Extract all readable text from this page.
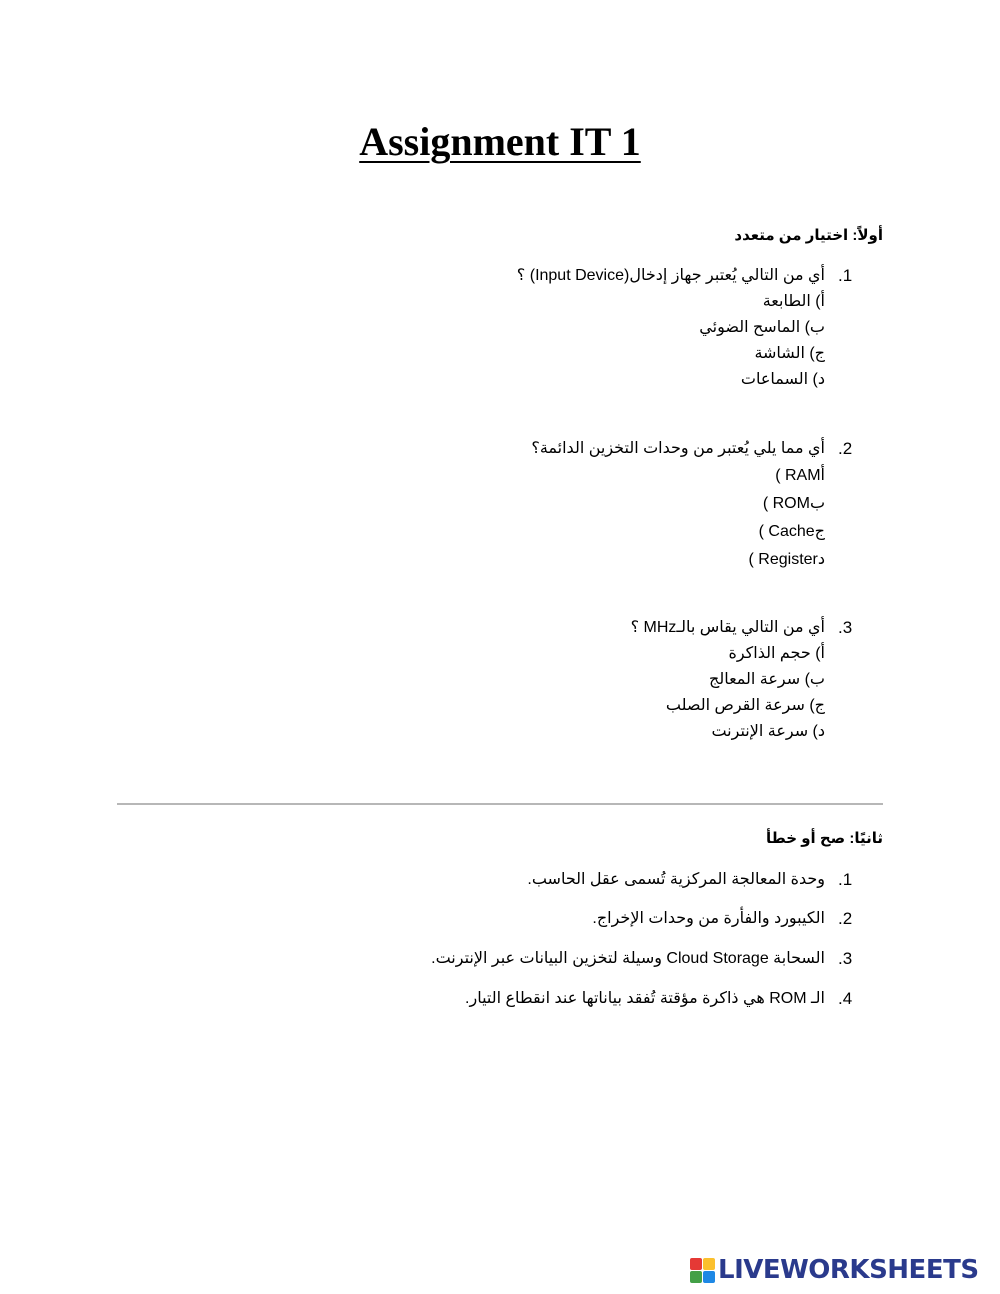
Assignment IT 1
أولاً: اختيار من متعدد
.1
أي من التالي يُعتبر جهاز إدخال(Input Device) ؟
أ) الطابعة
ب) الماسح الضوئي
ج) الشاشة
د) السماعات
.2
أي مما يلي يُعتبر من وحدات التخزين الدائمة؟
أRAM )
بROM )
جCache )
دRegister )
.3
أي من التالي يقاس بالـMHz ؟
أ) حجم الذاكرة
ب) سرعة المعالج
ج) سرعة القرص الصلب
د) سرعة الإنترنت
ثانيًا: صح أو خطأ
.1
وحدة المعالجة المركزية تُسمى عقل الحاسب.
.2
الكيبورد والفأرة من وحدات الإخراج.
.3
السحابة Cloud Storage وسيلة لتخزين البيانات عبر الإنترنت.
.4
الـ ROM هي ذاكرة مؤقتة تُفقد بياناتها عند انقطاع التيار.
LIVEWORKSHEETS
